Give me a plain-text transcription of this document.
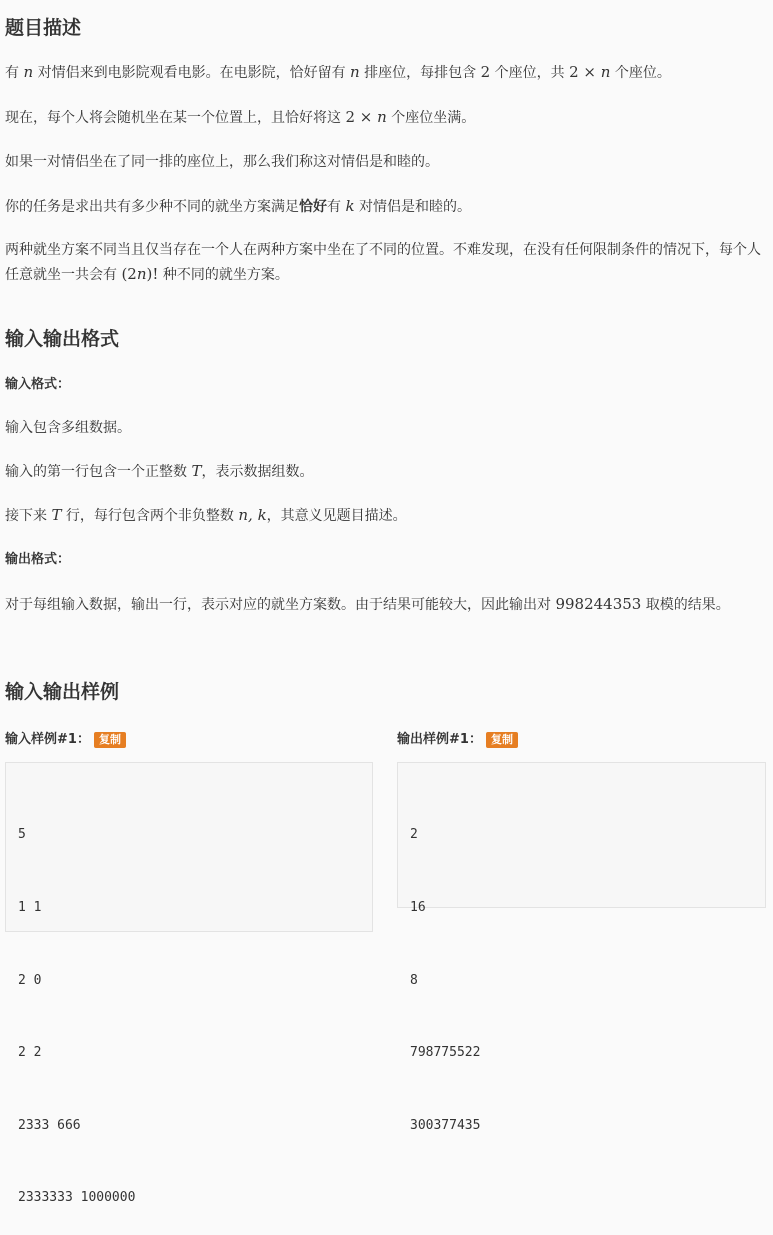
题目描述

有 n 对情侣来到电影院观看电影。在电影院，恰好留有 n 排座位，每排包含 2 个座位，共 2 × n 个座位。

现在，每个人将会随机坐在某一个位置上，且恰好将这 2 × n 个座位坐满。

如果一对情侣坐在了同一排的座位上，那么我们称这对情侣是和睦的。

你的任务是求出共有多少种不同的就坐方案满足恰好有 k 对情侣是和睦的。

两种就坐方案不同当且仅当存在一个人在两种方案中坐在了不同的位置。不难发现，在没有任何限制条件的情况下，每个人任意就坐一共会有 (2n)! 种不同的就坐方案。

输入输出格式

输入格式：

输入包含多组数据。

输入的第一行包含一个正整数 T，表示数据组数。

接下来 T 行，每行包含两个非负整数 n, k，其意义见题目描述。

输出格式：

对于每组输入数据，输出一行，表示对应的就坐方案数。由于结果可能较大，因此输出对 998244353 取模的结果。

输入输出样例
输入样例#1： 复制	输出样例#1： 复制

5

1 1

2 0

2 2

2333 666

2333333 1000000

2

16

8

798775522

300377435
